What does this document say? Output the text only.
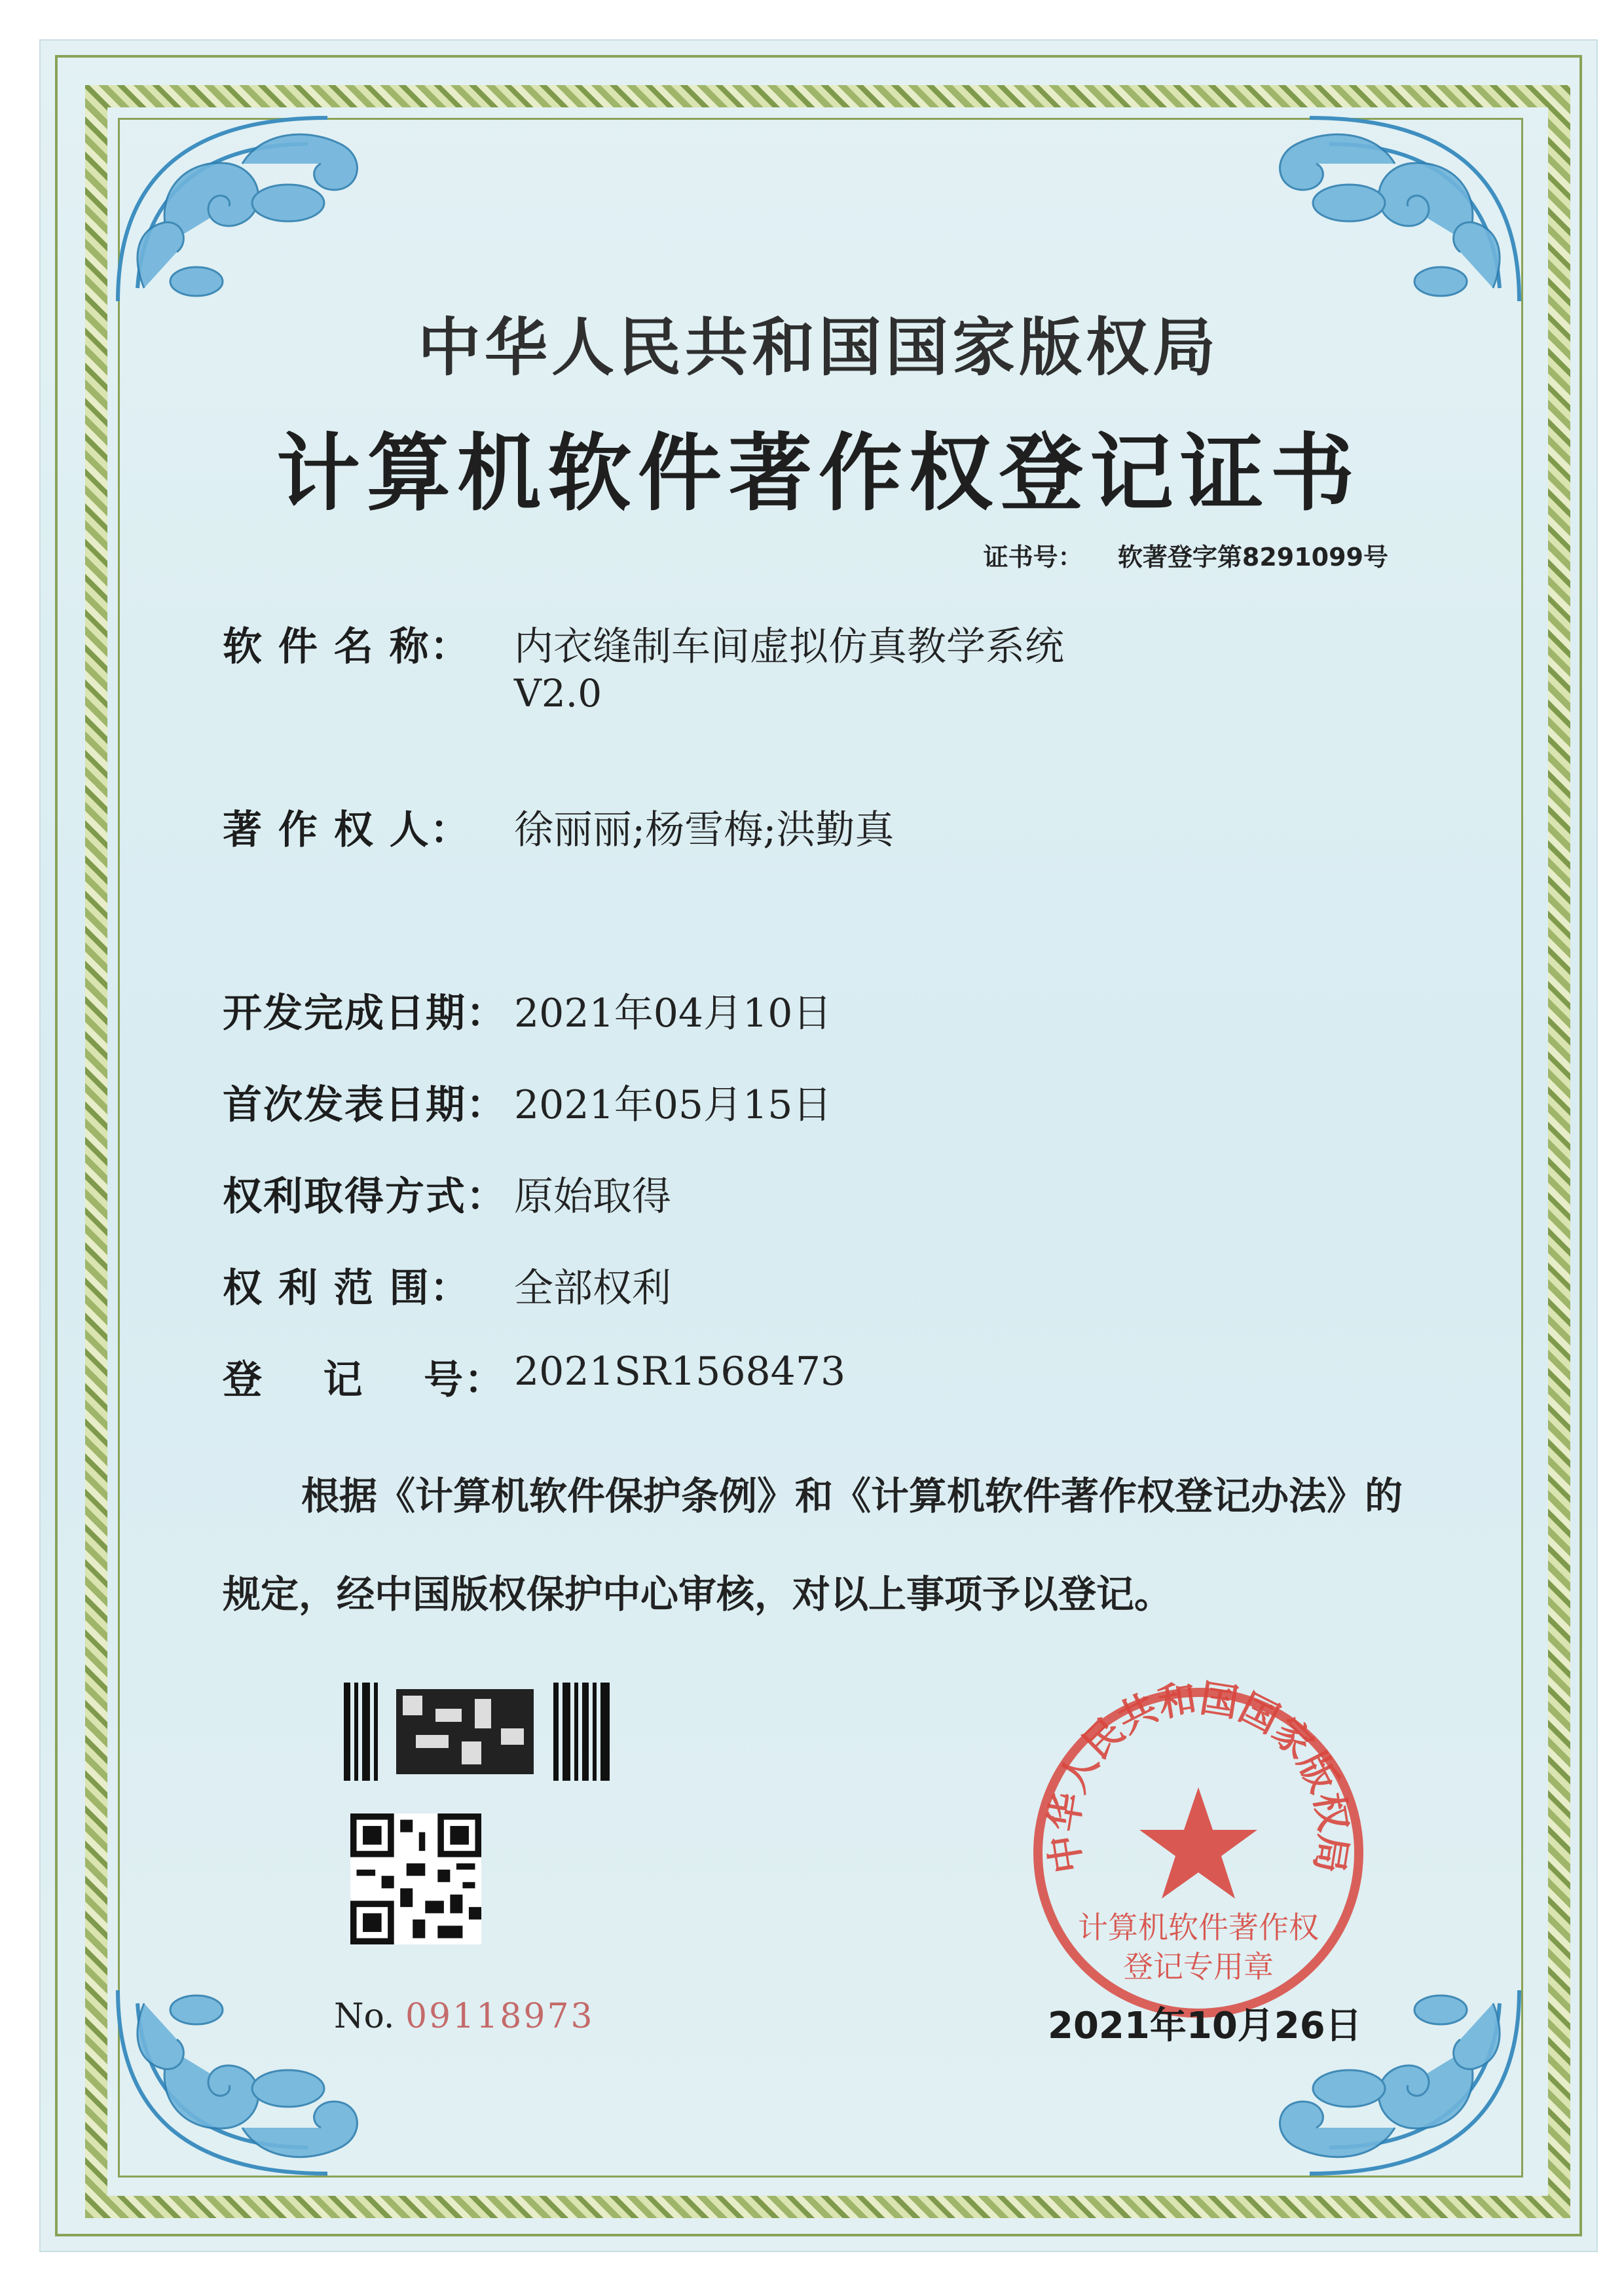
中华人民共和国国家版权局
计算机软件著作权登记证书
证书号： 软著登字第8291099号
软 件 名 称： 内衣缝制车间虚拟仿真教学系统
V2.0
著 作 权 人： 徐丽丽;杨雪梅;洪勤真
开发完成日期： 2021年04月10日
首次发表日期： 2021年05月15日
权利取得方式： 原始取得
权 利 范 围： 全部权利
登    记    号： 2021SR1568473
根据《计算机软件保护条例》和《计算机软件著作权登记办法》的
规定，经中国版权保护中心审核，对以上事项予以登记。
No. 09118973
中华人民共和国国家版权局
计算机软件著作权
登记专用章
2021年10月26日
